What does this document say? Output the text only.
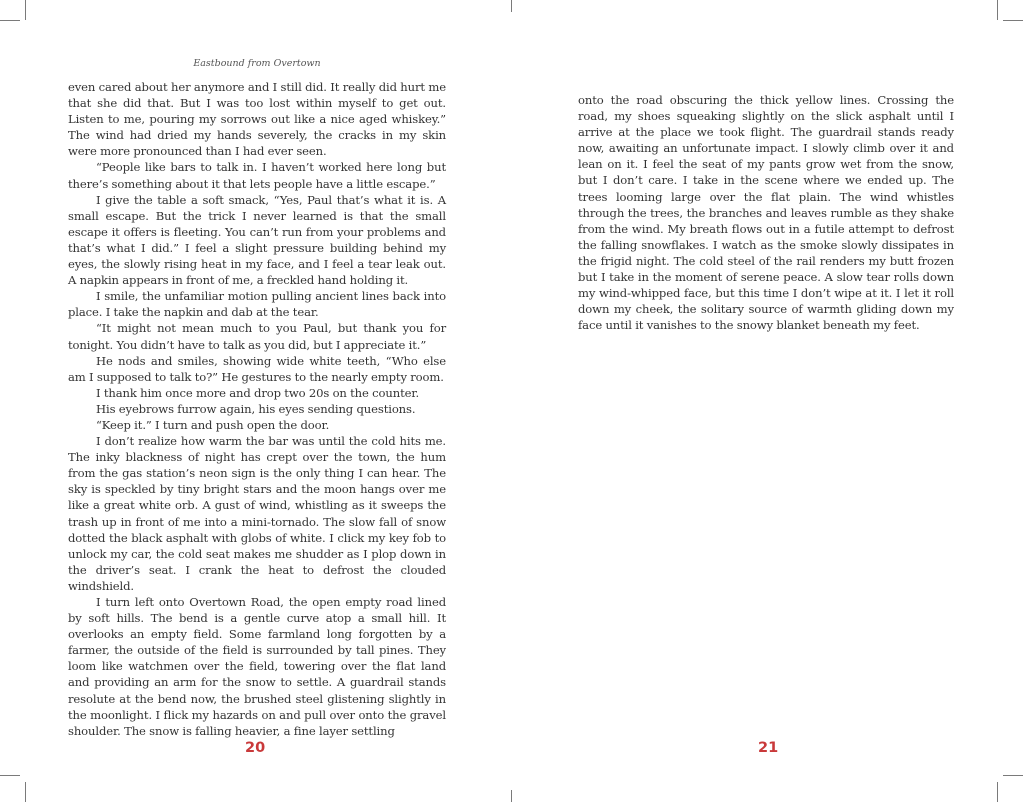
Eastbound from Overtown

even cared about her anymore and I still did. It really did hurt me that she did that. But I was too lost within myself to get out. Listen to me, pouring my sorrows out like a nice aged whiskey.” The wind had dried my hands severely, the cracks in my skin were more pronounced than I had ever seen.

“People like bars to talk in. I haven’t worked here long but there’s something about it that lets people have a little escape.”

I give the table a soft smack, “Yes, Paul that’s what it is. A small escape. But the trick I never learned is that the small escape it offers is fleeting. You can’t run from your problems and that’s what I did.” I feel a slight pressure building behind my eyes, the slowly rising heat in my face, and I feel a tear leak out. A napkin appears in front of me, a freckled hand holding it.

I smile, the unfamiliar motion pulling ancient lines back into place. I take the napkin and dab at the tear.

“It might not mean much to you Paul, but thank you for tonight. You didn’t have to talk as you did, but I appreciate it.”

He nods and smiles, showing wide white teeth, “Who else am I supposed to talk to?” He gestures to the nearly empty room.

I thank him once more and drop two 20s on the counter.

His eyebrows furrow again, his eyes sending questions.

“Keep it.” I turn and push open the door.

I don’t realize how warm the bar was until the cold hits me. The inky blackness of night has crept over the town, the hum from the gas station’s neon sign is the only thing I can hear. The sky is speckled by tiny bright stars and the moon hangs over me like a great white orb. A gust of wind, whistling as it sweeps the trash up in front of me into a mini-tornado. The slow fall of snow dotted the black asphalt with globs of white. I click my key fob to unlock my car, the cold seat makes me shudder as I plop down in the driver’s seat. I crank the heat to defrost the clouded windshield.

I turn left onto Overtown Road, the open empty road lined by soft hills. The bend is a gentle curve atop a small hill. It overlooks an empty field. Some farmland long forgotten by a farmer, the outside of the field is surrounded by tall pines. They loom like watchmen over the field, towering over the flat land and providing an arm for the snow to settle. A guardrail stands resolute at the bend now, the brushed steel glistening slightly in the moonlight. I flick my hazards on and pull over onto the gravel shoulder. The snow is falling heavier, a fine layer settling

20

onto the road obscuring the thick yellow lines. Crossing the road, my shoes squeaking slightly on the slick asphalt until I arrive at the place we took flight. The guardrail stands ready now, awaiting an unfortunate impact. I slowly climb over it and lean on it. I feel the seat of my pants grow wet from the snow, but I don’t care. I take in the scene where we ended up. The trees looming large over the flat plain. The wind whistles through the trees, the branches and leaves rumble as they shake from the wind. My breath flows out in a futile attempt to defrost the falling snowflakes. I watch as the smoke slowly dissipates in the frigid night. The cold steel of the rail renders my butt frozen but I take in the moment of serene peace. A slow tear rolls down my wind-whipped face, but this time I don’t wipe at it. I let it roll down my cheek, the solitary source of warmth gliding down my face until it vanishes to the snowy blanket beneath my feet.

21
